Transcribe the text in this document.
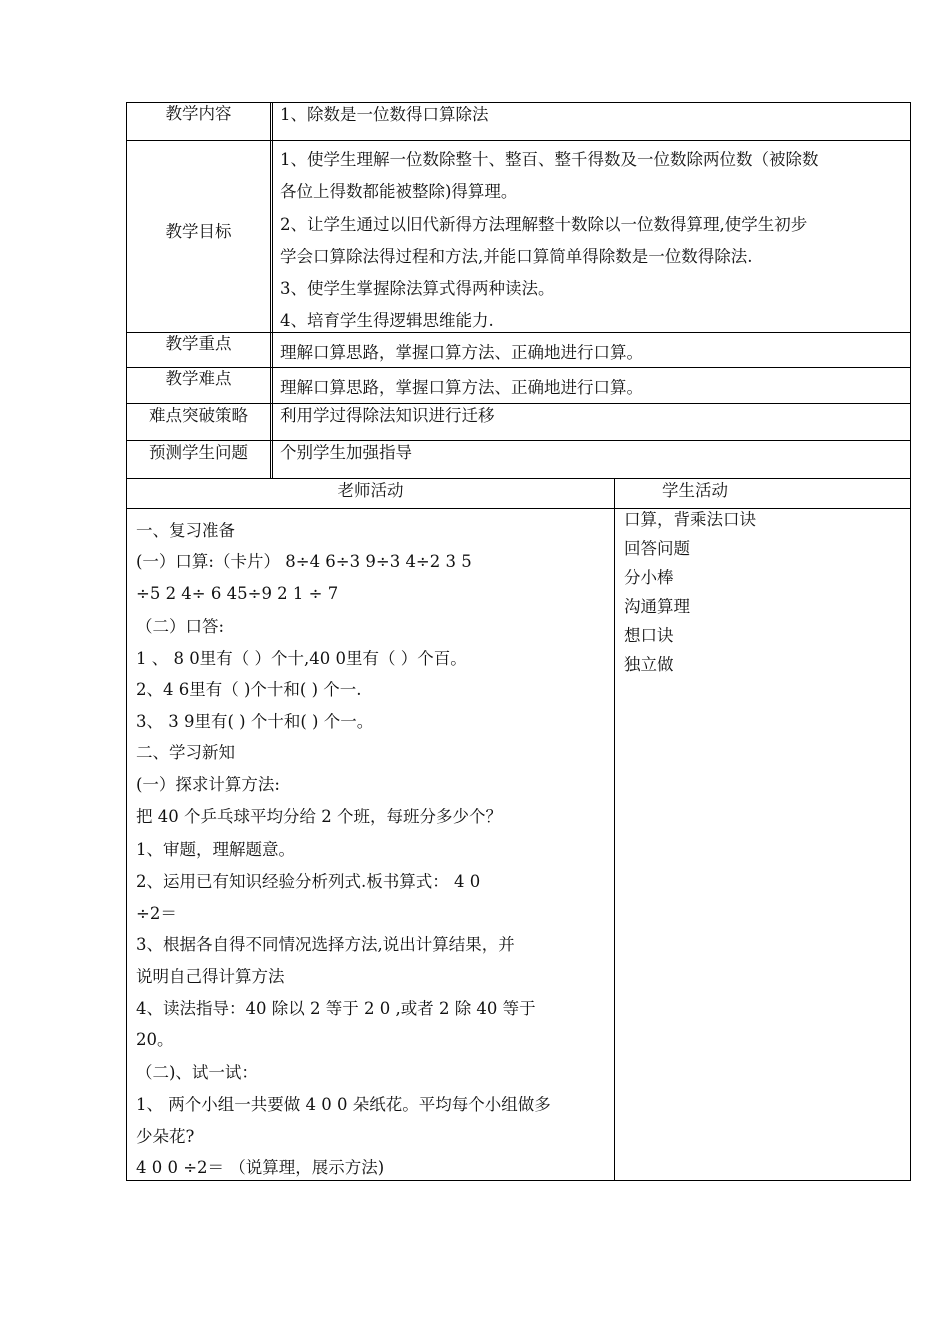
教学内容
教学目标
教学重点
教学难点
难点突破策略
预测学生问题
1、除数是一位数得口算除法
1、使学生理解一位数除整十、整百、整千得数及一位数除两位数（被除数
各位上得数都能被整除)得算理。
2、让学生通过以旧代新得方法理解整十数除以一位数得算理,使学生初步
学会口算除法得过程和方法,并能口算简单得除数是一位数得除法.
3、使学生掌握除法算式得两种读法。
4、培育学生得逻辑思维能力.
理解口算思路，掌握口算方法、正确地进行口算。
理解口算思路，掌握口算方法、正确地进行口算。
利用学过得除法知识进行迁移
个别学生加强指导
老师活动	学生活动
一、复习准备
(一）口算:（卡片） 8÷4 6÷3 9÷3 4÷2 3 5
÷5 2 4÷ 6 45÷9 2 1 ÷ 7
（二）口答:
1 、 8 0里有（ ）个十,40 0里有（ ）个百。
2、4 6里有（ )个十和( ) 个一.
3、 3 9里有( ) 个十和( ) 个一。
二、学习新知
(一）探求计算方法:
把 40 个乒乓球平均分给 2 个班，每班分多少个？
1、审题，理解题意。
2、运用已有知识经验分析列式.板书算式： 4 0
÷2＝
3、根据各自得不同情况选择方法,说出计算结果，并
说明自己得计算方法
4、读法指导：40 除以 2 等于 2 0 ,或者 2 除 40 等于
20。
（二)、试一试：
1、 两个小组一共要做 4 0 0 朵纸花。平均每个小组做多
少朵花?
4 0 0 ÷2＝ （说算理，展示方法)
口算，背乘法口诀
回答问题
分小棒
沟通算理
想口诀
独立做
